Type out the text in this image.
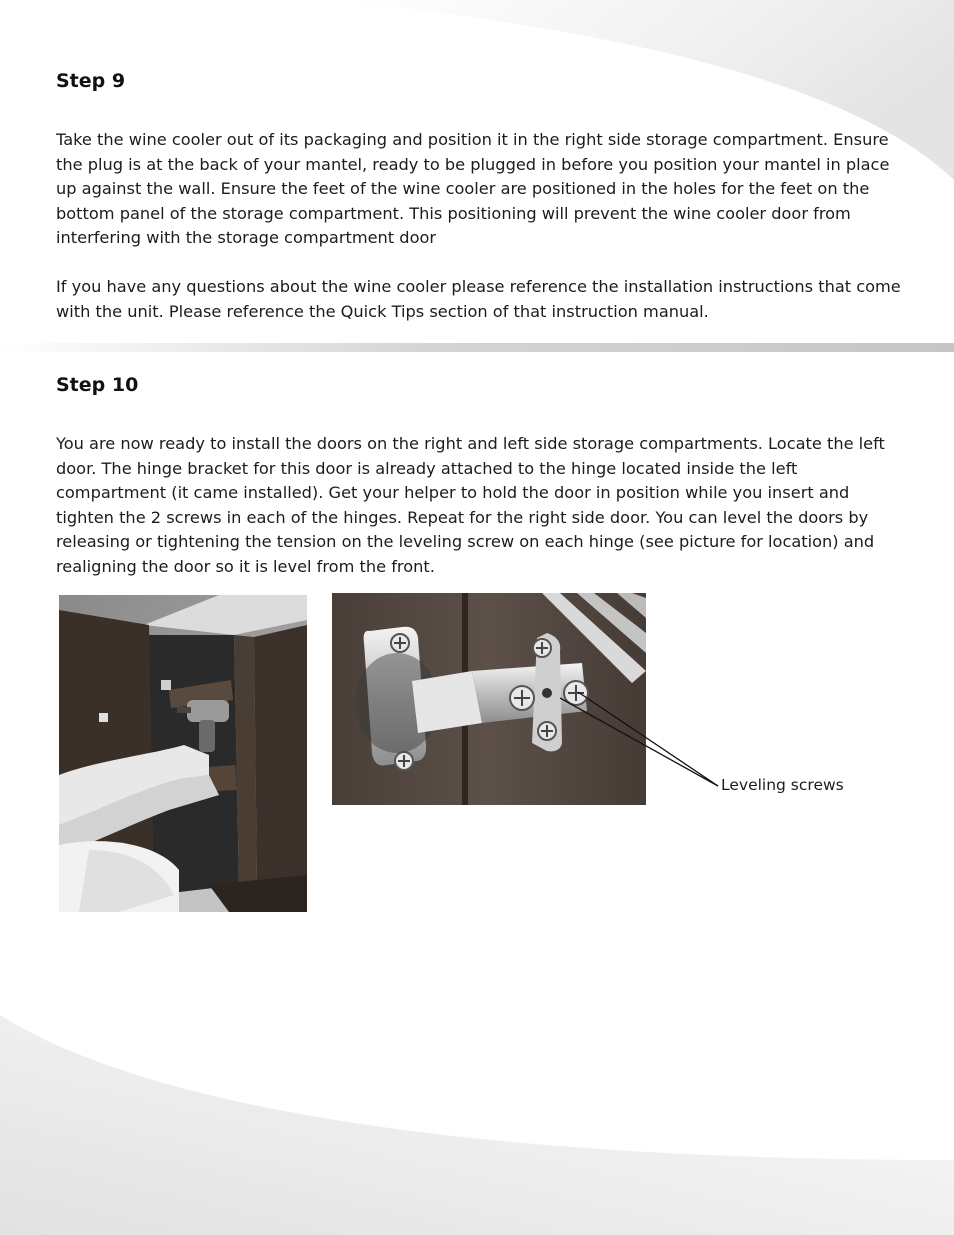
Step 9

Take the wine cooler out of its packaging and position it in the right side storage compartment. Ensure the plug is at the back of your mantel, ready to be plugged in before you position your mantel in place up against the wall. Ensure the feet of the wine cooler are positioned in the holes for the feet on the bottom panel of the storage compartment. This positioning will prevent the wine cooler door from interfering with the storage compartment door

If you have any questions about the wine cooler please reference the installation instructions that come with the unit. Please reference the Quick Tips section of that instruction manual.

Step 10

You are now ready to install the doors on the right and left side storage compartments. Locate the left door. The hinge bracket for this door is already attached to the hinge located inside the left compartment (it came installed). Get your helper to hold the door in position while you insert and tighten the 2 screws in each of the hinges. Repeat for the right side door. You can level the doors by releasing or tightening the tension on the leveling screw on each hinge (see picture for location) and realigning the door so it is level from the front.

Leveling screws
